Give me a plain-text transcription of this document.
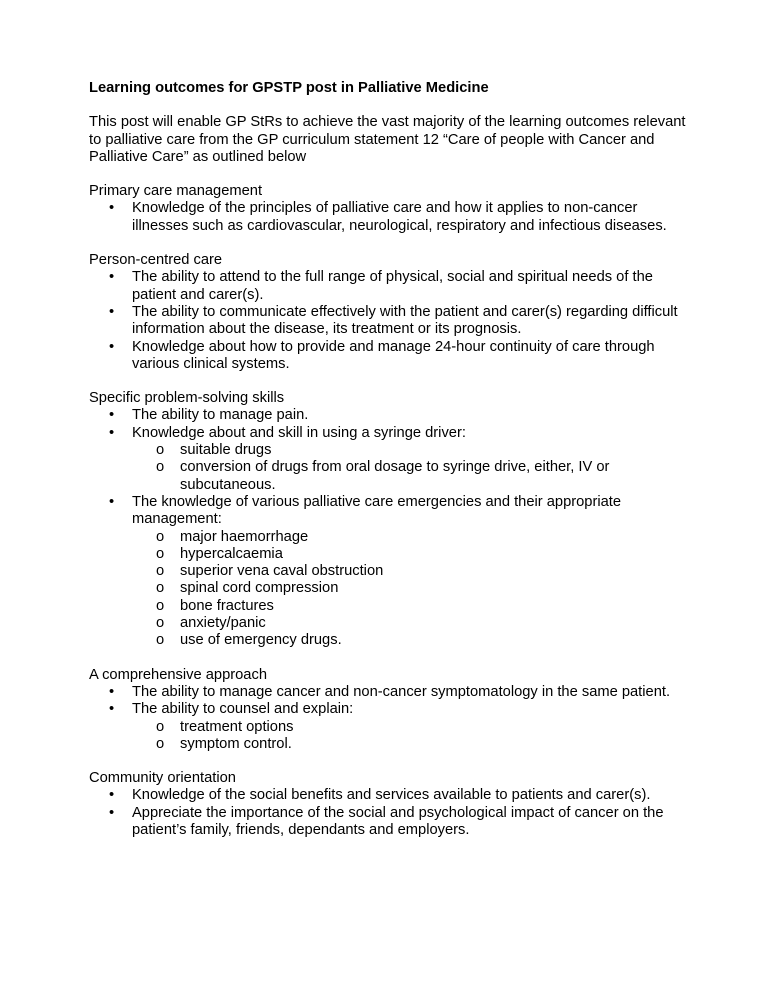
Learning outcomes for GPSTP post in Palliative Medicine

This post will enable GP StRs to achieve the vast majority of the learning outcomes relevant to palliative care from the GP curriculum statement 12 “Care of people with Cancer and Palliative Care” as outlined below

Primary care management

• Knowledge of the principles of palliative care and how it applies to non-cancer illnesses such as cardiovascular, neurological, respiratory and infectious diseases.

Person-centred care

• The ability to attend to the full range of physical, social and spiritual needs of the patient and carer(s).
• The ability to communicate effectively with the patient and carer(s) regarding difficult information about the disease, its treatment or its prognosis.
• Knowledge about how to provide and manage 24-hour continuity of care through various clinical systems.

Specific problem-solving skills

• The ability to manage pain.
• Knowledge about and skill in using a syringe driver:
o suitable drugs
o conversion of drugs from oral dosage to syringe drive, either, IV or subcutaneous.
• The knowledge of various palliative care emergencies and their appropriate management:
o major haemorrhage
o hypercalcaemia
o superior vena caval obstruction
o spinal cord compression
o bone fractures
o anxiety/panic
o use of emergency drugs.

A comprehensive approach

• The ability to manage cancer and non-cancer symptomatology in the same patient.
• The ability to counsel and explain:
o treatment options
o symptom control.

Community orientation

• Knowledge of the social benefits and services available to patients and carer(s).
• Appreciate the importance of the social and psychological impact of cancer on the patient’s family, friends, dependants and employers.
